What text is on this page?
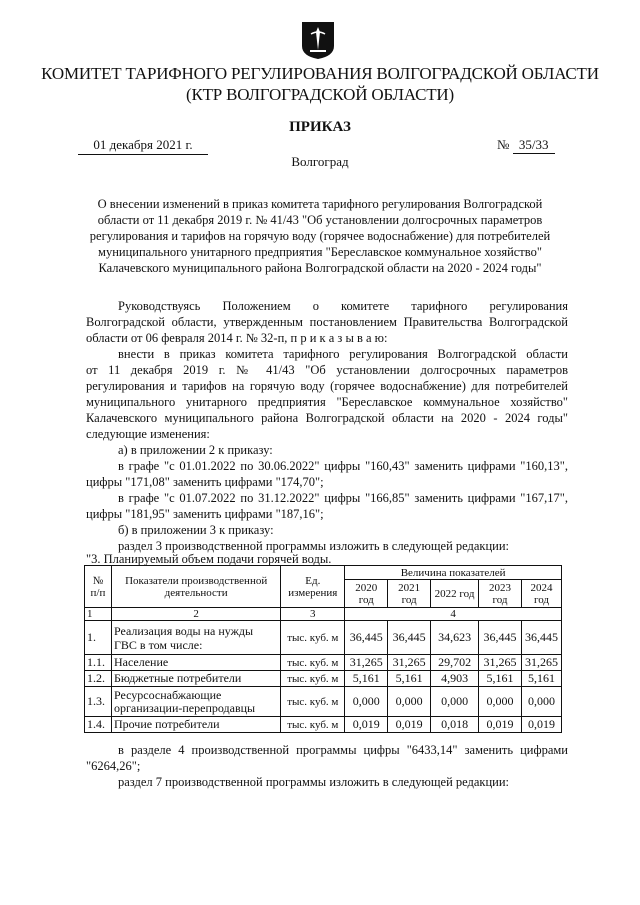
КОМИТЕТ ТАРИФНОГО РЕГУЛИРОВАНИЯ ВОЛГОГРАДСКОЙ ОБЛАСТИ
(КТР ВОЛГОГРАДСКОЙ ОБЛАСТИ)
ПРИКАЗ
01 декабря 2021 г.	№ 35/33
Волгоград
О внесении изменений в приказ комитета тарифного регулирования Волгоградской
области от 11 декабря 2019 г. № 41/43 "Об установлении долгосрочных параметров
регулирования и тарифов на горячую воду (горячее водоснабжение) для потребителей
муниципального унитарного предприятия "Береславское коммунальное хозяйство"
Калачевского муниципального района Волгоградской области на 2020 - 2024 годы"
Руководствуясь Положением о комитете тарифного регулирования
Волгоградской области, утвержденным постановлением Правительства Волгоградской
области от 06 февраля 2014 г. № 32-п, п р и к а з ы в а ю:
внести в приказ комитета тарифного регулирования Волгоградской области
от 11 декабря 2019 г. № 41/43 "Об установлении долгосрочных параметров
регулирования и тарифов на горячую воду (горячее водоснабжение) для потребителей
муниципального унитарного предприятия "Береславское коммунальное хозяйство"
Калачевского муниципального района Волгоградской области на 2020 - 2024 годы"
следующие изменения:
а) в приложении 2 к приказу:
в графе "с 01.01.2022 по 30.06.2022" цифры "160,43" заменить цифрами "160,13",
цифры "171,08" заменить цифрами "174,70";
в графе "с 01.07.2022 по 31.12.2022" цифры "166,85" заменить цифрами "167,17",
цифры "181,95" заменить цифрами "187,16";
б) в приложении 3 к приказу:
раздел 3 производственной программы изложить в следующей редакции:
"3. Планируемый объем подачи горячей воды.
№ п/п	Показатели производственной деятельности	Ед. измерения	Величина показателей				
			2020 год	2021 год	2022 год	2023 год	2024 год
1	2	3	4				
1.	Реализация воды на нужды ГВС в том числе:	тыс. куб. м	36,445	36,445	34,623	36,445	36,445
1.1.	Население	тыс. куб. м	31,265	31,265	29,702	31,265	31,265
1.2.	Бюджетные потребители	тыс. куб. м	5,161	5,161	4,903	5,161	5,161
1.3.	Ресурсоснабжающие организации-перепродавцы	тыс. куб. м	0,000	0,000	0,000	0,000	0,000
1.4.	Прочие потребители	тыс. куб. м	0,019	0,019	0,018	0,019	0,019
в разделе 4 производственной программы цифры "6433,14" заменить цифрами
"6264,26";
раздел 7 производственной программы изложить в следующей редакции:
